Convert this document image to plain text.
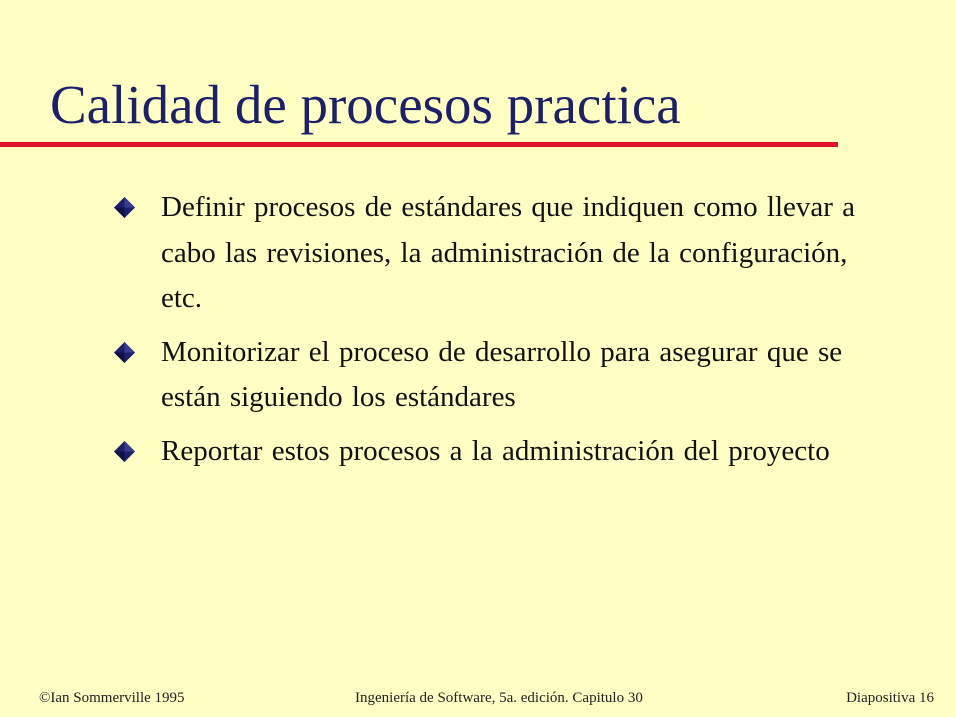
Calidad de procesos practica
Definir procesos de estándares que indiquen como llevar a cabo las revisiones, la administración de la configuración, etc.
Monitorizar el proceso de desarrollo para asegurar que se están siguiendo los estándares
Reportar estos procesos a la administración del proyecto
©Ian Sommerville 1995	Ingeniería de Software, 5a. edición. Capitulo 30	Diapositiva 16
